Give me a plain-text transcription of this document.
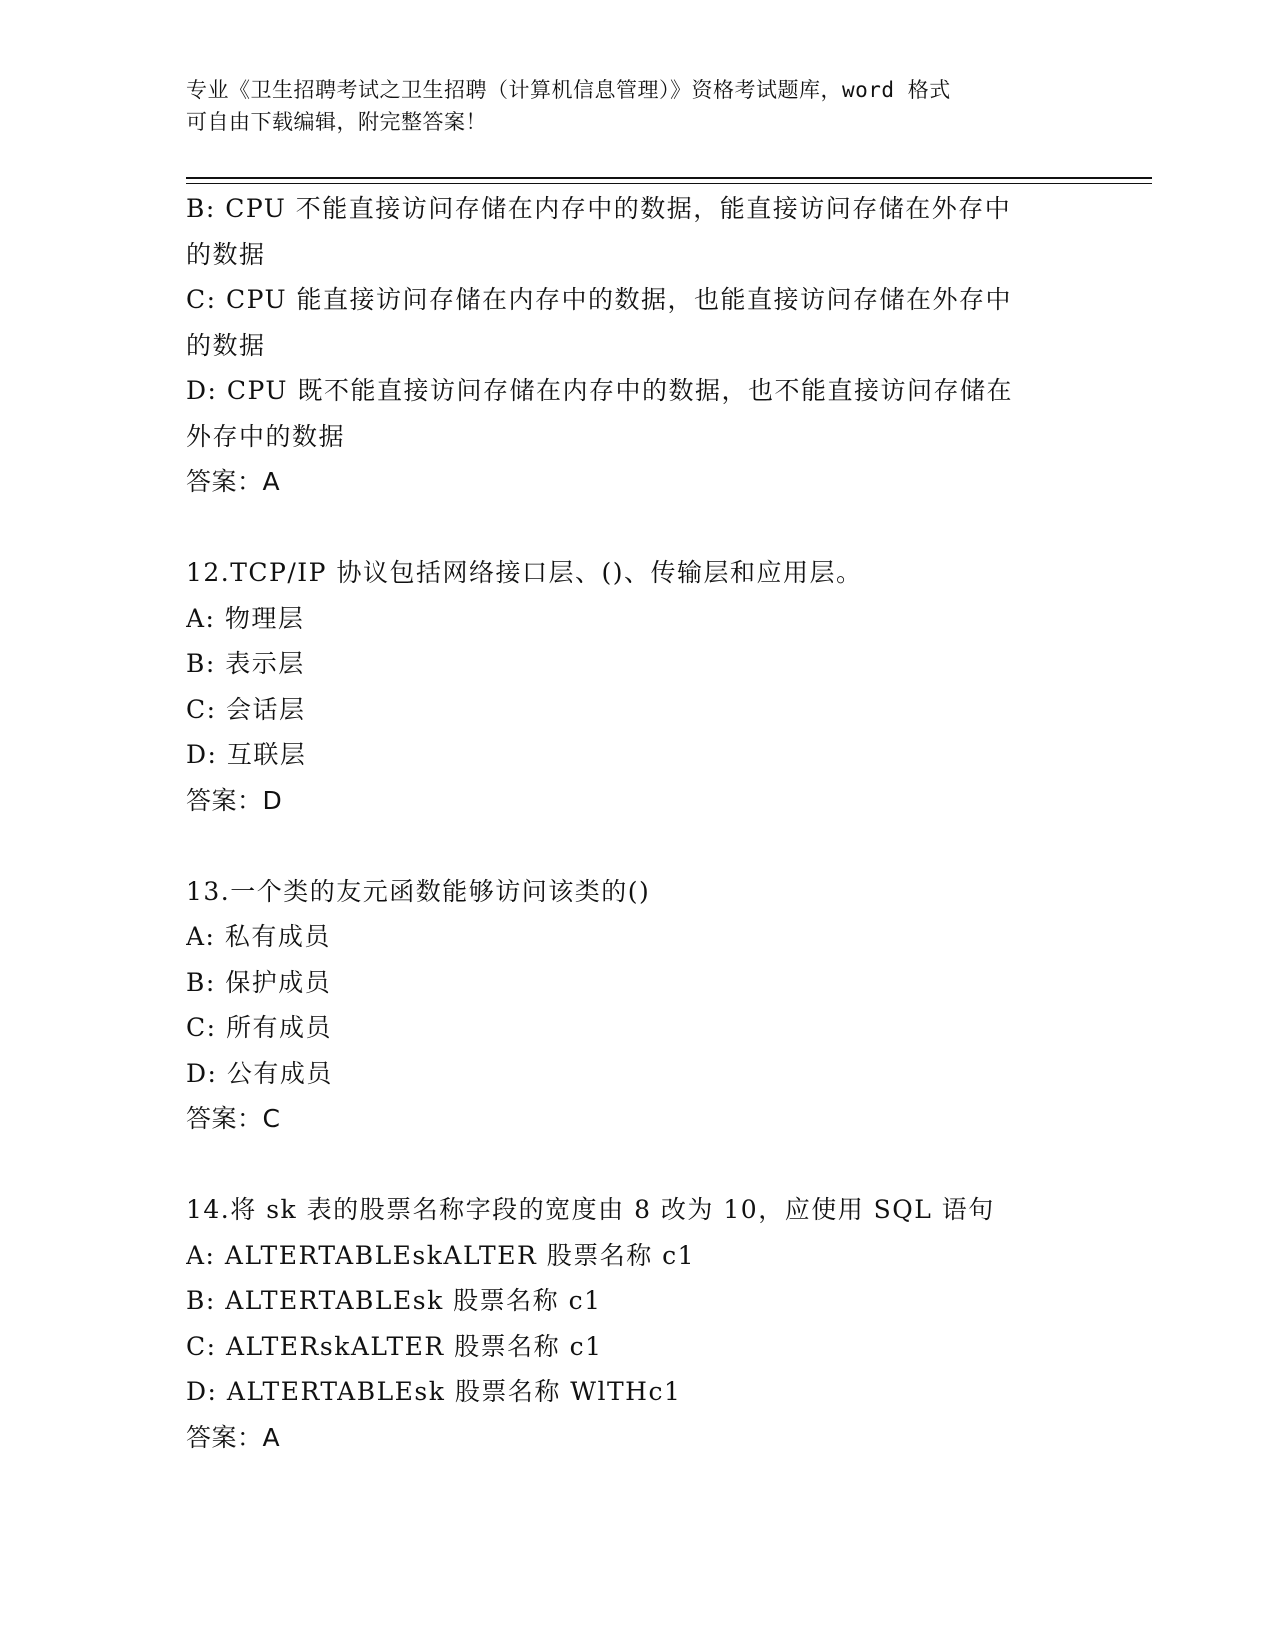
专业《卫生招聘考试之卫生招聘（计算机信息管理）》资格考试题库，word 格式
可自由下载编辑，附完整答案！
B: CPU 不能直接访问存储在内存中的数据，能直接访问存储在外存中
的数据
C: CPU 能直接访问存储在内存中的数据，也能直接访问存储在外存中
的数据
D: CPU 既不能直接访问存储在内存中的数据，也不能直接访问存储在
外存中的数据
答案：A
12.TCP/IP 协议包括网络接口层、()、传输层和应用层。
A: 物理层
B: 表示层
C: 会话层
D: 互联层
答案：D
13.一个类的友元函数能够访问该类的()
A: 私有成员
B: 保护成员
C: 所有成员
D: 公有成员
答案：C
14.将 sk 表的股票名称字段的宽度由 8 改为 10，应使用 SQL 语句
A: ALTERTABLEskALTER 股票名称 c1
B: ALTERTABLEsk 股票名称 c1
C: ALTERskALTER 股票名称 c1
D: ALTERTABLEsk 股票名称 WlTHc1
答案：A
